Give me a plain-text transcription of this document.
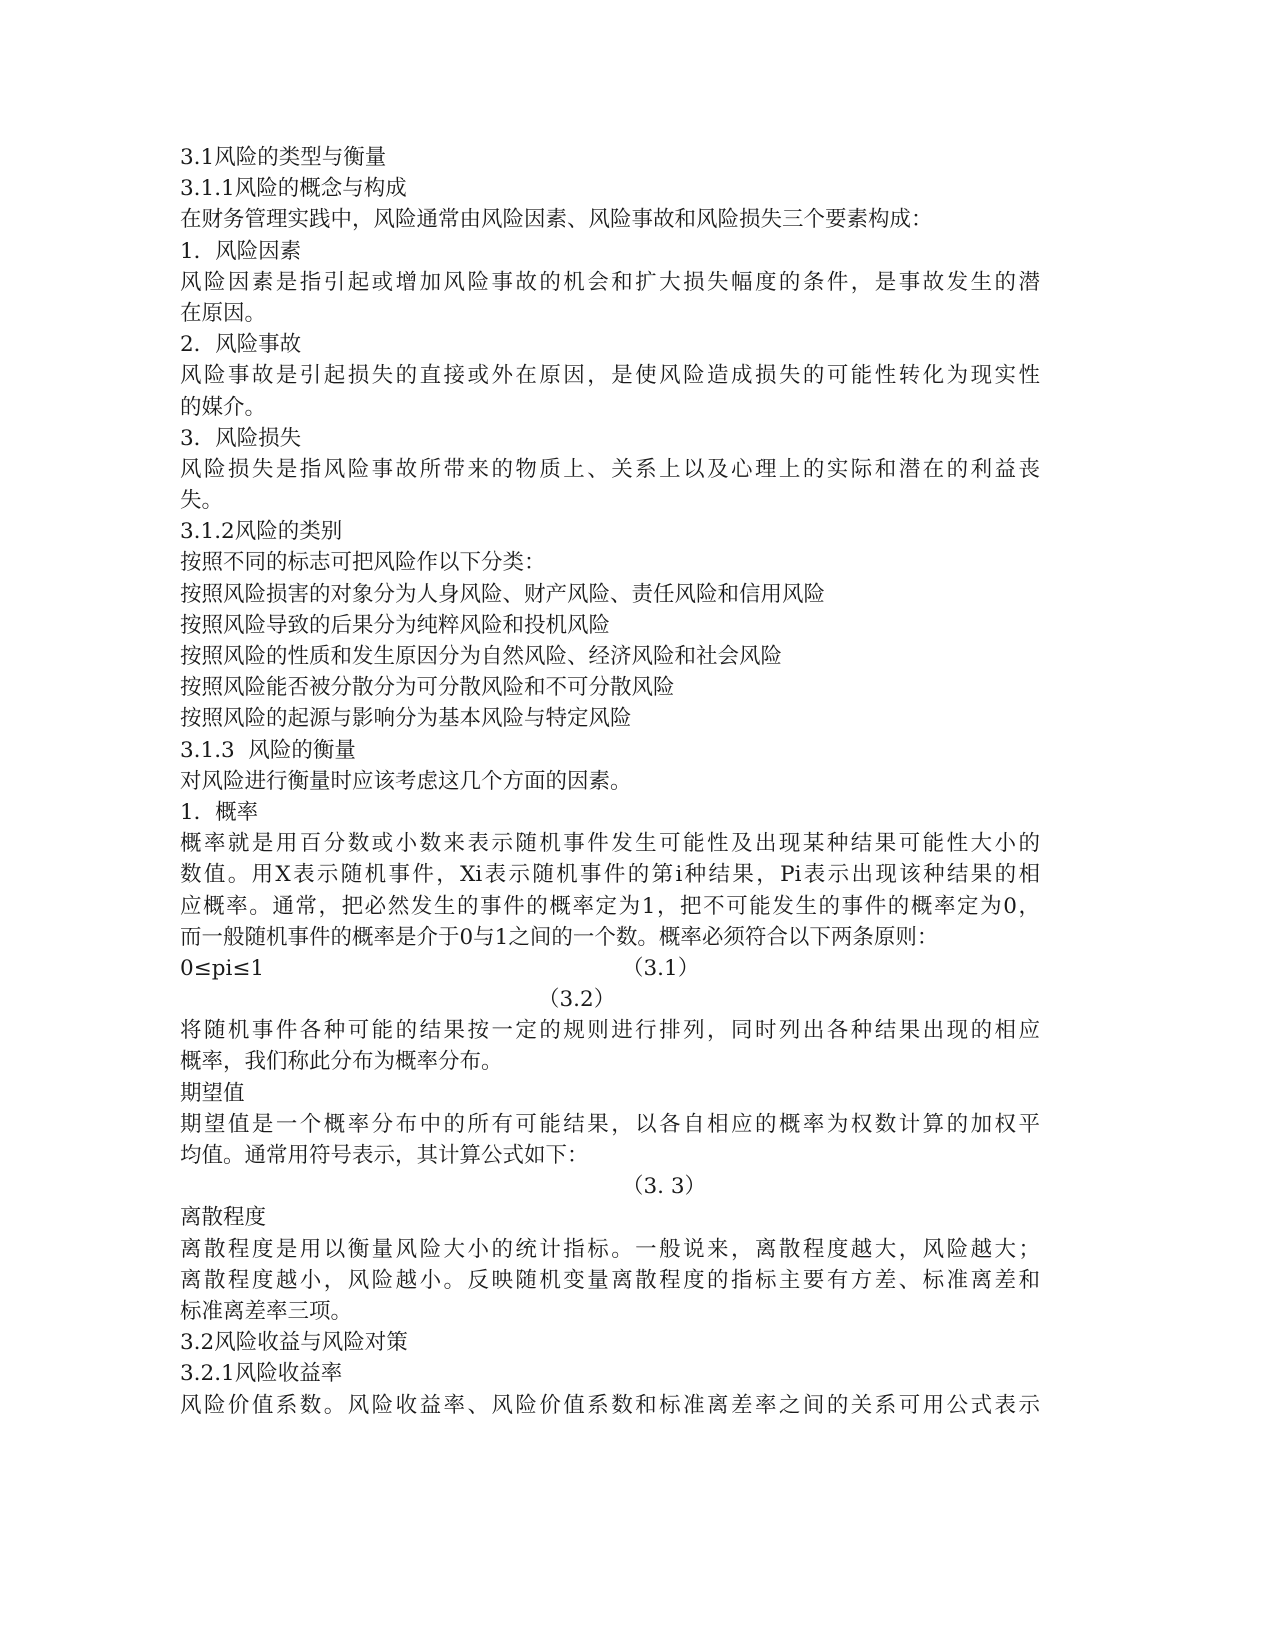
3.1风险的类型与衡量

3.1.1风险的概念与构成

在财务管理实践中，风险通常由风险因素、风险事故和风险损失三个要素构成：

1．风险因素

风险因素是指引起或增加风险事故的机会和扩大损失幅度的条件，是事故发生的潜

在原因。

2．风险事故

风险事故是引起损失的直接或外在原因，是使风险造成损失的可能性转化为现实性

的媒介。

3．风险损失

风险损失是指风险事故所带来的物质上、关系上以及心理上的实际和潜在的利益丧

失。

3.1.2风险的类别

按照不同的标志可把风险作以下分类：

按照风险损害的对象分为人身风险、财产风险、责任风险和信用风险

按照风险导致的后果分为纯粹风险和投机风险

按照风险的性质和发生原因分为自然风险、经济风险和社会风险

按照风险能否被分散分为可分散风险和不可分散风险

按照风险的起源与影响分为基本风险与特定风险

3.1.3  风险的衡量

对风险进行衡量时应该考虑这几个方面的因素。

1．概率

概率就是用百分数或小数来表示随机事件发生可能性及出现某种结果可能性大小的

数值。用X表示随机事件，Xi表示随机事件的第i种结果，Pi表示出现该种结果的相

应概率。通常，把必然发生的事件的概率定为1，把不可能发生的事件的概率定为0，

而一般随机事件的概率是介于0与1之间的一个数。概率必须符合以下两条原则：

0≤pi≤1	（3.1）
（3.2）

将随机事件各种可能的结果按一定的规则进行排列，同时列出各种结果出现的相应

概率，我们称此分布为概率分布。

期望值

期望值是一个概率分布中的所有可能结果，以各自相应的概率为权数计算的加权平

均值。通常用符号表示，其计算公式如下：

（3. 3）

离散程度

离散程度是用以衡量风险大小的统计指标。一般说来，离散程度越大，风险越大；

离散程度越小，风险越小。反映随机变量离散程度的指标主要有方差、标准离差和

标准离差率三项。

3.2风险收益与风险对策

3.2.1风险收益率

风险价值系数。风险收益率、风险价值系数和标准离差率之间的关系可用公式表示
